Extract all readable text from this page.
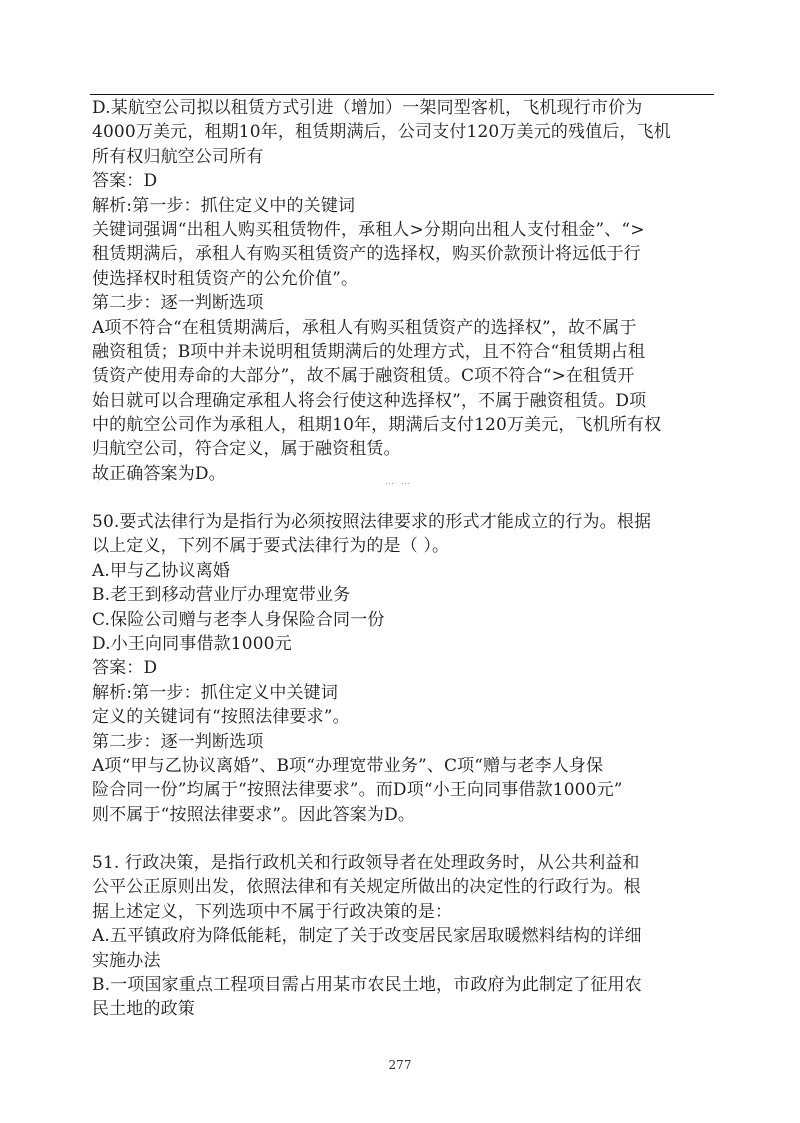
D.某航空公司拟以租赁方式引进（增加）一架同型客机，飞机现行市价为
4000万美元，租期10年，租赁期满后，公司支付120万美元的残值后，飞机
所有权归航空公司所有
答案：D
解析:第一步：抓住定义中的关键词
关键词强调“出租人购买租赁物件，承租人>分期向出租人支付租金”、“>
租赁期满后，承租人有购买租赁资产的选择权，购买价款预计将远低于行
使选择权时租赁资产的公允价值”。
第二步：逐一判断选项
A项不符合“在租赁期满后，承租人有购买租赁资产的选择权”，故不属于
融资租赁；B项中并未说明租赁期满后的处理方式，且不符合“租赁期占租
赁资产使用寿命的大部分”，故不属于融资租赁。C项不符合“>在租赁开
始日就可以合理确定承租人将会行使这种选择权”，不属于融资租赁。D项
中的航空公司作为承租人，租期10年，期满后支付120万美元，飞机所有权
归航空公司，符合定义，属于融资租赁。
故正确答案为D。	… …
50.要式法律行为是指行为必须按照法律要求的形式才能成立的行为。根据
以上定义，下列不属于要式法律行为的是（ ）。
A.甲与乙协议离婚
B.老王到移动营业厅办理宽带业务
C.保险公司赠与老李人身保险合同一份
D.小王向同事借款1000元
答案：D
解析:第一步：抓住定义中关键词
定义的关键词有“按照法律要求”。
第二步：逐一判断选项
A项“甲与乙协议离婚”、B项“办理宽带业务”、C项“赠与老李人身保
险合同一份”均属于“按照法律要求”。而D项“小王向同事借款1000元”
则不属于“按照法律要求”。因此答案为D。
51. 行政决策，是指行政机关和行政领导者在处理政务时，从公共利益和
公平公正原则出发，依照法律和有关规定所做出的决定性的行政行为。根
据上述定义，下列选项中不属于行政决策的是：
A.五平镇政府为降低能耗，制定了关于改变居民家居取暖燃料结构的详细
实施办法
B.一项国家重点工程项目需占用某市农民土地，市政府为此制定了征用农
民土地的政策
277
